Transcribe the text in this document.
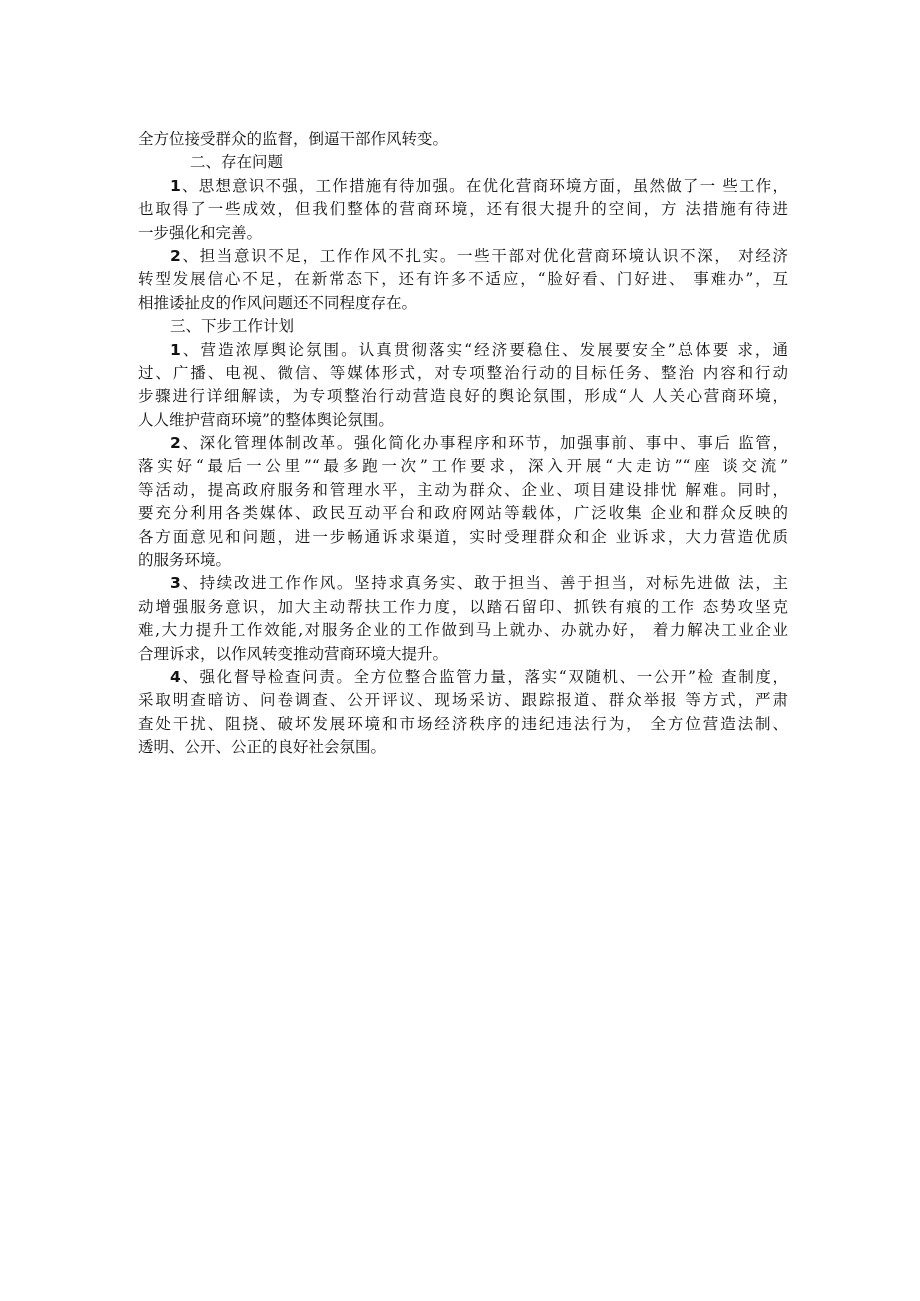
全方位接受群众的监督，倒逼干部作风转变。
二、存在问题
1、思想意识不强，工作措施有待加强。在优化营商环境方面，虽然做了一 些工作，
也取得了一些成效，但我们整体的营商环境，还有很大提升的空间，方 法措施有待进
一步强化和完善。
2、担当意识不足，工作作风不扎实。一些干部对优化营商环境认识不深， 对经济
转型发展信心不足，在新常态下，还有许多不适应，“脸好看、门好进、 事难办”，互
相推诿扯皮的作风问题还不同程度存在。
三、下步工作计划
1、营造浓厚舆论氛围。认真贯彻落实“经济要稳住、发展要安全”总体要 求，通
过、广播、电视、微信、等媒体形式，对专项整治行动的目标任务、整治 内容和行动
步骤进行详细解读，为专项整治行动营造良好的舆论氛围，形成“人 人关心营商环境，
人人维护营商环境”的整体舆论氛围。
2、深化管理体制改革。强化简化办事程序和环节，加强事前、事中、事后 监管，
落实好“最后一公里”“最多跑一次”工作要求，深入开展“大走访”“座 谈交流”
等活动，提高政府服务和管理水平，主动为群众、企业、项目建设排忧 解难。同时，
要充分利用各类媒体、政民互动平台和政府网站等载体，广泛收集 企业和群众反映的
各方面意见和问题，进一步畅通诉求渠道，实时受理群众和企 业诉求，大力营造优质
的服务环境。
3、持续改进工作作风。坚持求真务实、敢于担当、善于担当，对标先进做 法，主
动增强服务意识，加大主动帮扶工作力度，以踏石留印、抓铁有痕的工作 态势攻坚克
难,大力提升工作效能,对服务企业的工作做到马上就办、办就办好， 着力解决工业企业
合理诉求，以作风转变推动营商环境大提升。
4、强化督导检查问责。全方位整合监管力量，落实“双随机、一公开”检 查制度，
采取明查暗访、问卷调查、公开评议、现场采访、跟踪报道、群众举报 等方式，严肃
查处干扰、阻挠、破坏发展环境和市场经济秩序的违纪违法行为， 全方位营造法制、
透明、公开、公正的良好社会氛围。
